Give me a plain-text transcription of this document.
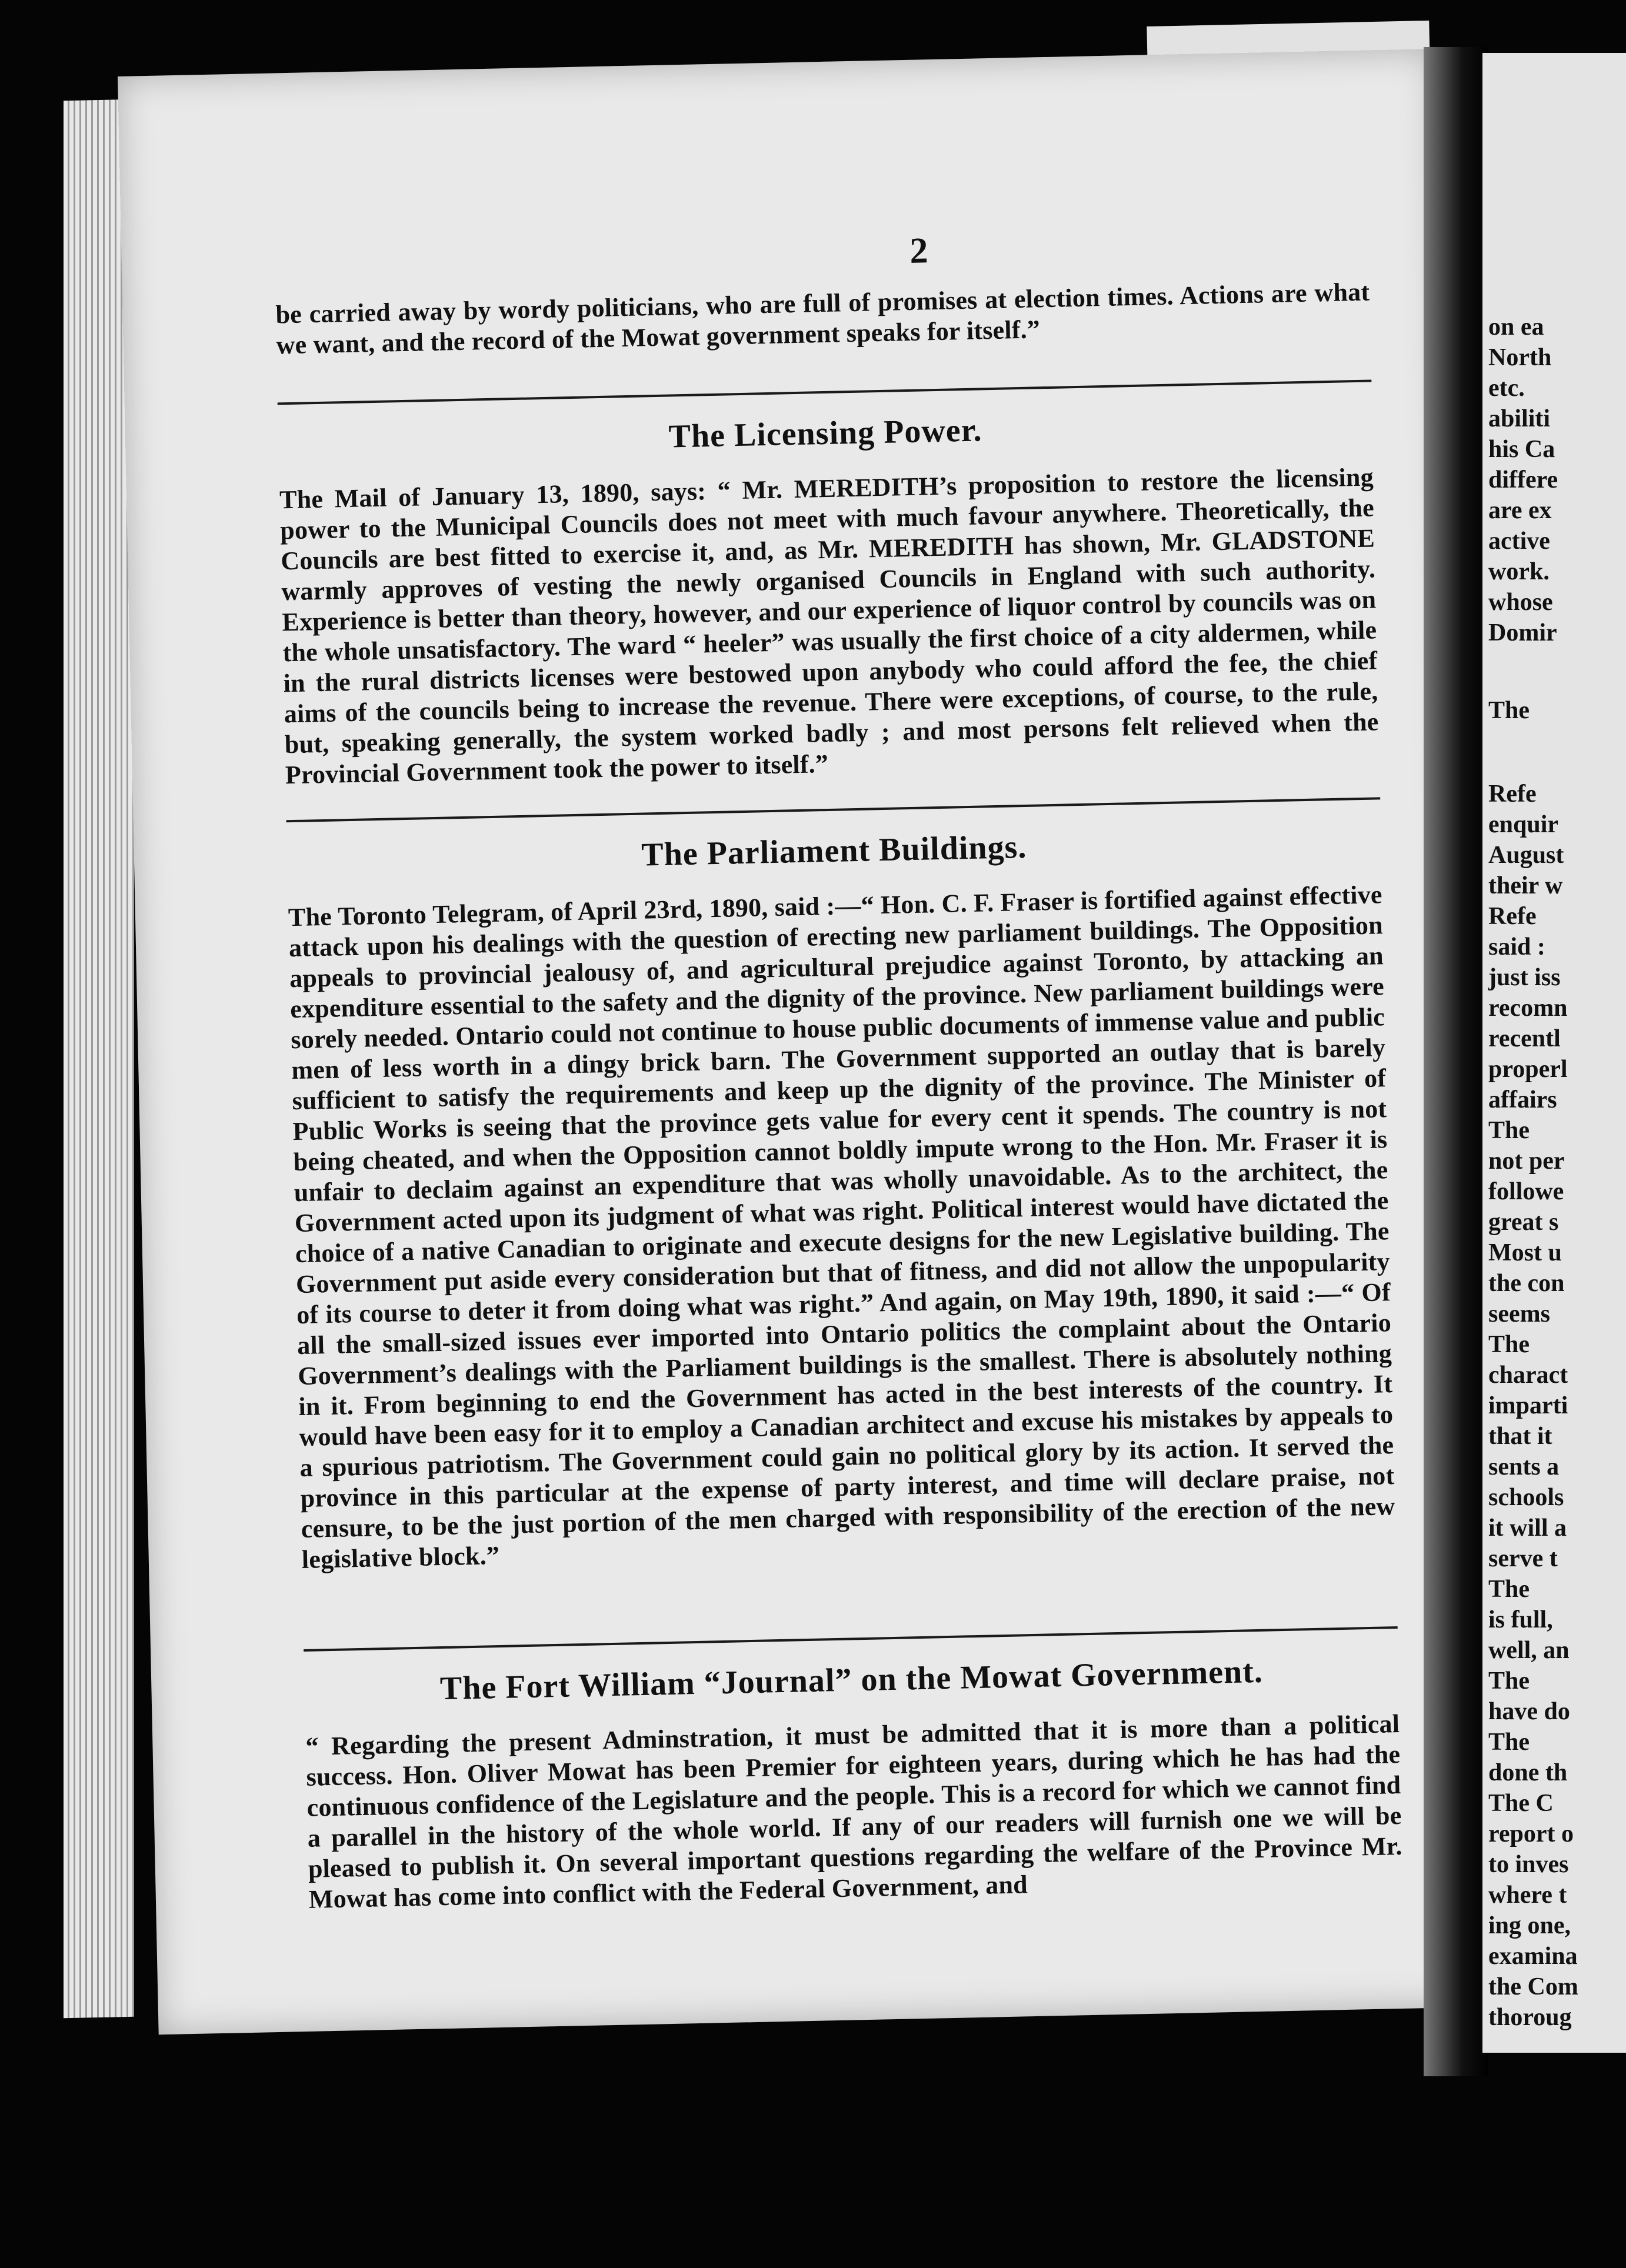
2

be carried away by wordy politicians, who are full of promises at election times. Actions are what we want, and the record of the Mowat government speaks for itself.”

The Licensing Power.

The Mail of January 13, 1890, says: “ Mr. MEREDITH’s proposition to restore the licensing power to the Municipal Councils does not meet with much favour anywhere. Theoretically, the Councils are best fitted to exercise it, and, as Mr. MEREDITH has shown, Mr. GLADSTONE warmly approves of vesting the newly organised Councils in England with such authority. Experience is better than theory, however, and our experience of liquor control by councils was on the whole unsatisfactory. The ward “ heeler” was usually the first choice of a city aldermen, while in the rural districts licenses were bestowed upon anybody who could afford the fee, the chief aims of the councils being to increase the revenue. There were exceptions, of course, to the rule, but, speaking generally, the system worked badly ; and most persons felt relieved when the Provincial Government took the power to itself.”

The Parliament Buildings.

The Toronto Telegram, of April 23rd, 1890, said :—“ Hon. C. F. Fraser is fortified against effective attack upon his dealings with the question of erecting new parliament buildings. The Opposition appeals to provincial jealousy of, and agricultural prejudice against Toronto, by attacking an expenditure essential to the safety and the dignity of the province. New parliament buildings were sorely needed. Ontario could not continue to house public documents of immense value and public men of less worth in a dingy brick barn. The Government supported an outlay that is barely sufficient to satisfy the requirements and keep up the dignity of the province. The Minister of Public Works is seeing that the province gets value for every cent it spends. The country is not being cheated, and when the Opposition cannot boldly impute wrong to the Hon. Mr. Fraser it is unfair to declaim against an expenditure that was wholly unavoidable. As to the architect, the Government acted upon its judgment of what was right. Political interest would have dictated the choice of a native Canadian to originate and execute designs for the new Legislative building. The Government put aside every consideration but that of fitness, and did not allow the unpopularity of its course to deter it from doing what was right.” And again, on May 19th, 1890, it said :—“ Of all the small-sized issues ever imported into Ontario politics the complaint about the Ontario Government’s dealings with the Parliament buildings is the smallest. There is absolutely nothing in it. From beginning to end the Government has acted in the best interests of the country. It would have been easy for it to employ a Canadian architect and excuse his mistakes by appeals to a spurious patriotism. The Government could gain no political glory by its action. It served the province in this particular at the expense of party interest, and time will declare praise, not censure, to be the just portion of the men charged with responsibility of the erection of the new legislative block.”

The Fort William “Journal” on the Mowat Government.

“ Regarding the present Adminstration, it must be admitted that it is more than a political success. Hon. Oliver Mowat has been Premier for eighteen years, during which he has had the continuous confidence of the Legislature and the people. This is a record for which we cannot find a parallel in the history of the whole world. If any of our readers will furnish one we will be pleased to publish it. On several important questions regarding the welfare of the Province Mr. Mowat has come into conflict with the Federal Government, and

on ea
North
etc.
abiliti
his Ca
differe
are ex
active
work.
whose
Domir
The
Refe
enquir
August
their w
Refe
said :
just iss
recomn
recentl
properl
affairs
The
not per
followe
great s
Most u
the con
seems
The
charact
imparti
that it
sents a
schools
it will a
serve t
The
is full,
well, an
The
have do
The
done th
The C
report o
to inves
where t
ing one,
examina
the Com
thoroug
